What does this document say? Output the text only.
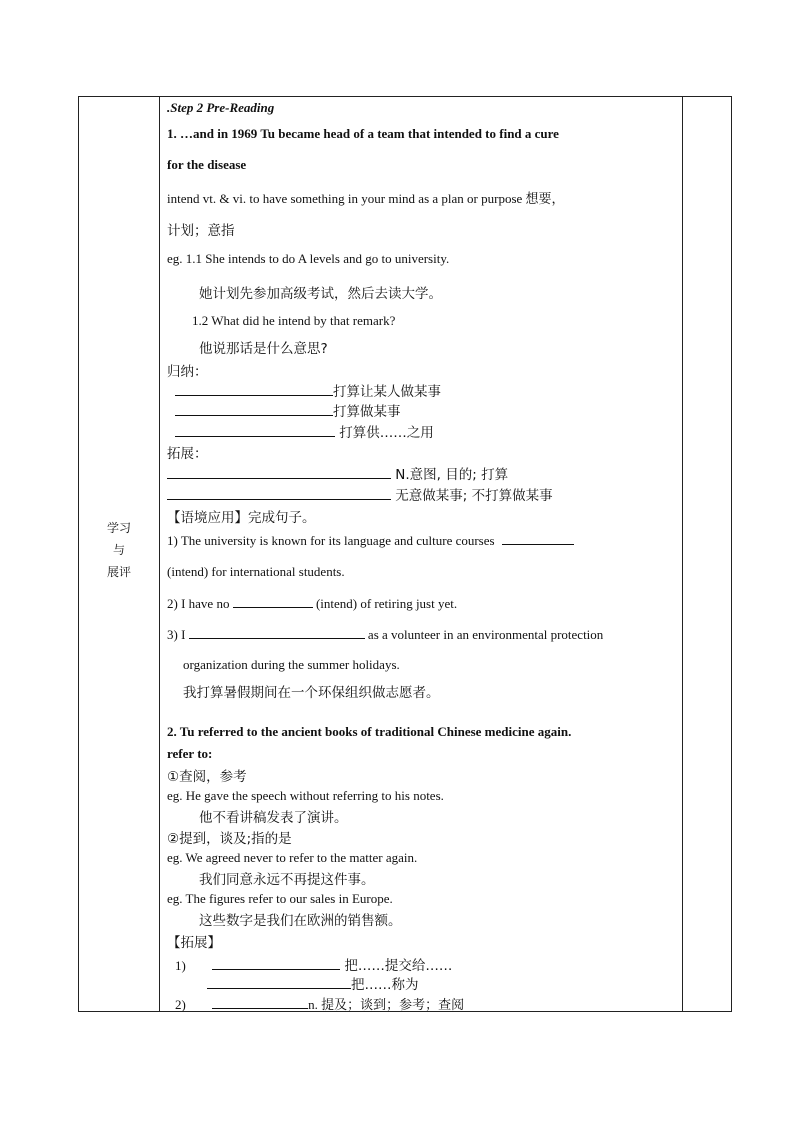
学习
与
展评
.Step 2 Pre-Reading
1. …and in 1969 Tu became head of a team that intended to find a cure
for the disease
intend vt. & vi. to have something in your mind as a plan or purpose 想要，
计划；意指
eg. 1.1 She intends to do A levels and go to university.
她计划先参加高级考试，然后去读大学。
1.2 What did he intend by that remark?
他说那话是什么意思?
归纳：
打算让某人做某事
打算做某事
打算供……之用
拓展：
N.意图, 目的; 打算
无意做某事; 不打算做某事
【语境应用】完成句子。
1) The university is known for its language and culture courses
(intend) for international students.
2) I have no	(intend) of retiring just yet.
3) I	as a volunteer in an environmental protection
organization during the summer holidays.
我打算暑假期间在一个环保组织做志愿者。
2. Tu referred to the ancient books of traditional Chinese medicine again.
refer to:
①查阅，参考
eg. He gave the speech without referring to his notes.
他不看讲稿发表了演讲。
②提到，谈及;指的是
eg. We agreed never to refer to the matter again.
我们同意永远不再提这件事。
eg. The figures refer to our sales in Europe.
这些数字是我们在欧洲的销售额。
【拓展】
1)	把……提交给……
把……称为
2)	n. 提及；谈到；参考；查阅
